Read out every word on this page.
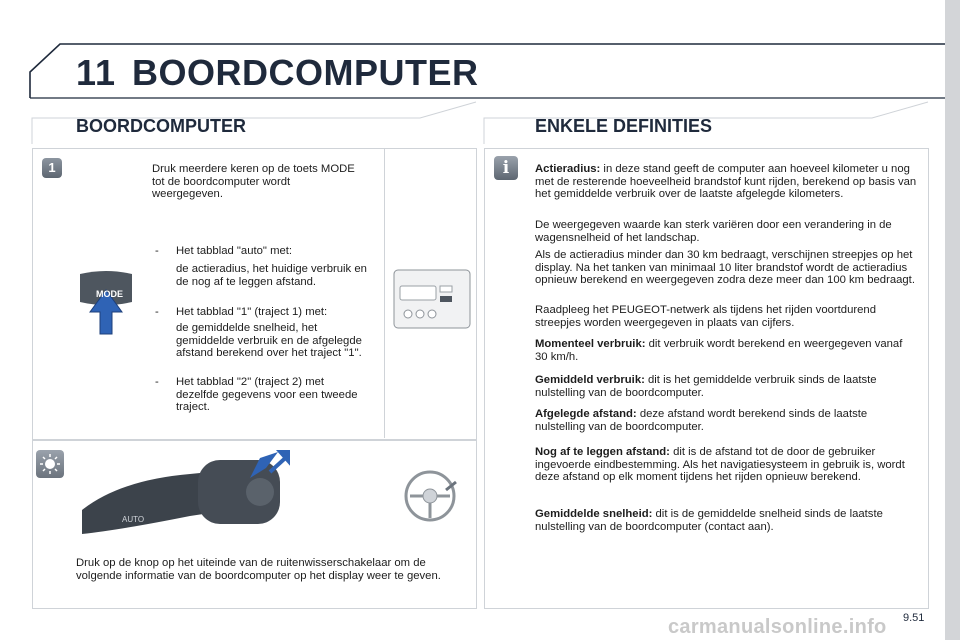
11 BOORDCOMPUTER
BOORDCOMPUTER	ENKELE DEFINITIES
1	Druk meerdere keren op de toets MODE tot de boordcomputer wordt weergegeven.
MODE
- Het tabblad "auto" met:
de actieradius, het huidige verbruik en de nog af te leggen afstand.
- Het tabblad "1" (traject 1) met:
de gemiddelde snelheid, het gemiddelde verbruik en de afgelegde afstand berekend over het traject "1".
- Het tabblad "2" (traject 2) met dezelfde gegevens voor een tweede traject.
AUTO
Druk op de knop op het uiteinde van de ruitenwisserschakelaar om de volgende informatie van de boordcomputer op het display weer te geven.
i	Actieradius: in deze stand geeft de computer aan hoeveel kilometer u nog met de resterende hoeveelheid brandstof kunt rijden, berekend op basis van het gemiddelde verbruik over de laatste afgelegde kilometers.
De weergegeven waarde kan sterk variëren door een verandering in de wagensnelheid of het landschap.
Als de actieradius minder dan 30 km bedraagt, verschijnen streepjes op het display. Na het tanken van minimaal 10 liter brandstof wordt de actieradius opnieuw berekend en weergegeven zodra deze meer dan 100 km bedraagt.
Raadpleeg het PEUGEOT-netwerk als tijdens het rijden voortdurend streepjes worden weergegeven in plaats van cijfers.
Momenteel verbruik: dit verbruik wordt berekend en weergegeven vanaf 30 km/h.
Gemiddeld verbruik: dit is het gemiddelde verbruik sinds de laatste nulstelling van de boordcomputer.
Afgelegde afstand: deze afstand wordt berekend sinds de laatste nulstelling van de boordcomputer.
Nog af te leggen afstand: dit is de afstand tot de door de gebruiker ingevoerde eindbestemming. Als het navigatiesysteem in gebruik is, wordt deze afstand op elk moment tijdens het rijden opnieuw berekend.
Gemiddelde snelheid: dit is de gemiddelde snelheid sinds de laatste nulstelling van de boordcomputer (contact aan).
carmanualsonline.info 9.51
